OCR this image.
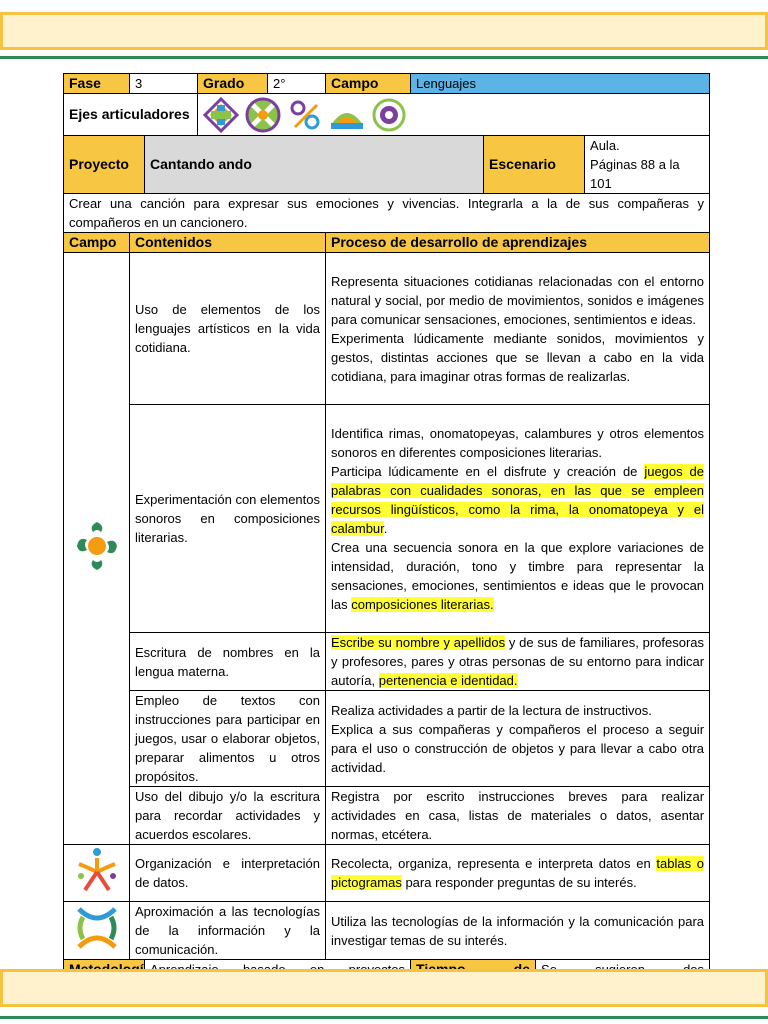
Fase	3		Grado	2°	Campo	Lenguajes			
Ejes articuladores	

Proyecto		Cantando ando					Escenario		Aula.
Páginas 88 a la 101

Crear una canción para expresar sus emociones y vivencias. Integrarla a la de sus compañeras y compañeros en un cancionero.									
Campo	Contenidos				Proceso de desarrollo de aprendizajes				
	Uso de elementos de los lenguajes artísticos en la vida cotidiana.				Representa situaciones cotidianas relacionadas con el entorno natural y social, por medio de movimientos, sonidos e imágenes para comunicar sensaciones, emociones, sentimientos e ideas.
Experimenta lúdicamente mediante sonidos, movimientos y gestos, distintas acciones que se llevan a cabo en la vida cotidiana, para imaginar otras formas de realizarlas.				

	Experimentación con elementos sonoros en composiciones literarias.				Identifica rimas, onomatopeyas, calambures y otros elementos sonoros en diferentes composiciones literarias.
Participa lúdicamente en el disfrute y creación de juegos de palabras con cualidades sonoras, en las que se empleen recursos lingüísticos, como la rima, la onomatopeya y el calambur.
Crea una secuencia sonora en la que explore variaciones de intensidad, duración, tono y timbre para representar la sensaciones, emociones, sentimientos e ideas que le provocan las composiciones literarias.				

	Escritura de nombres en la lengua materna.				Escribe su nombre y apellidos y de sus de familiares, profesoras y profesores, pares y otras personas de su entorno para indicar autoría, pertenencia e identidad.				
	Empleo de textos con instrucciones para participar en juegos, usar o elaborar objetos, preparar alimentos u otros propósitos.				Realiza actividades a partir de la lectura de instructivos.
Explica a sus compañeras y compañeros el proceso a seguir para el uso o construcción de objetos y para llevar a cabo otra actividad.				

	Uso del dibujo y/o la escritura para recordar actividades y acuerdos escolares.				Registra por escrito instrucciones breves para realizar actividades en casa, listas de materiales o datos, asentar normas, etcétera.				
	Organización e interpretación de datos.				Recolecta, organiza, representa e interpreta datos en tablas o pictogramas para responder preguntas de su interés.				
	Aproximación a las tecnologías de la información y la comunicación.				Utiliza las tecnologías de la información y la comunicación para investigar temas de su interés.				
